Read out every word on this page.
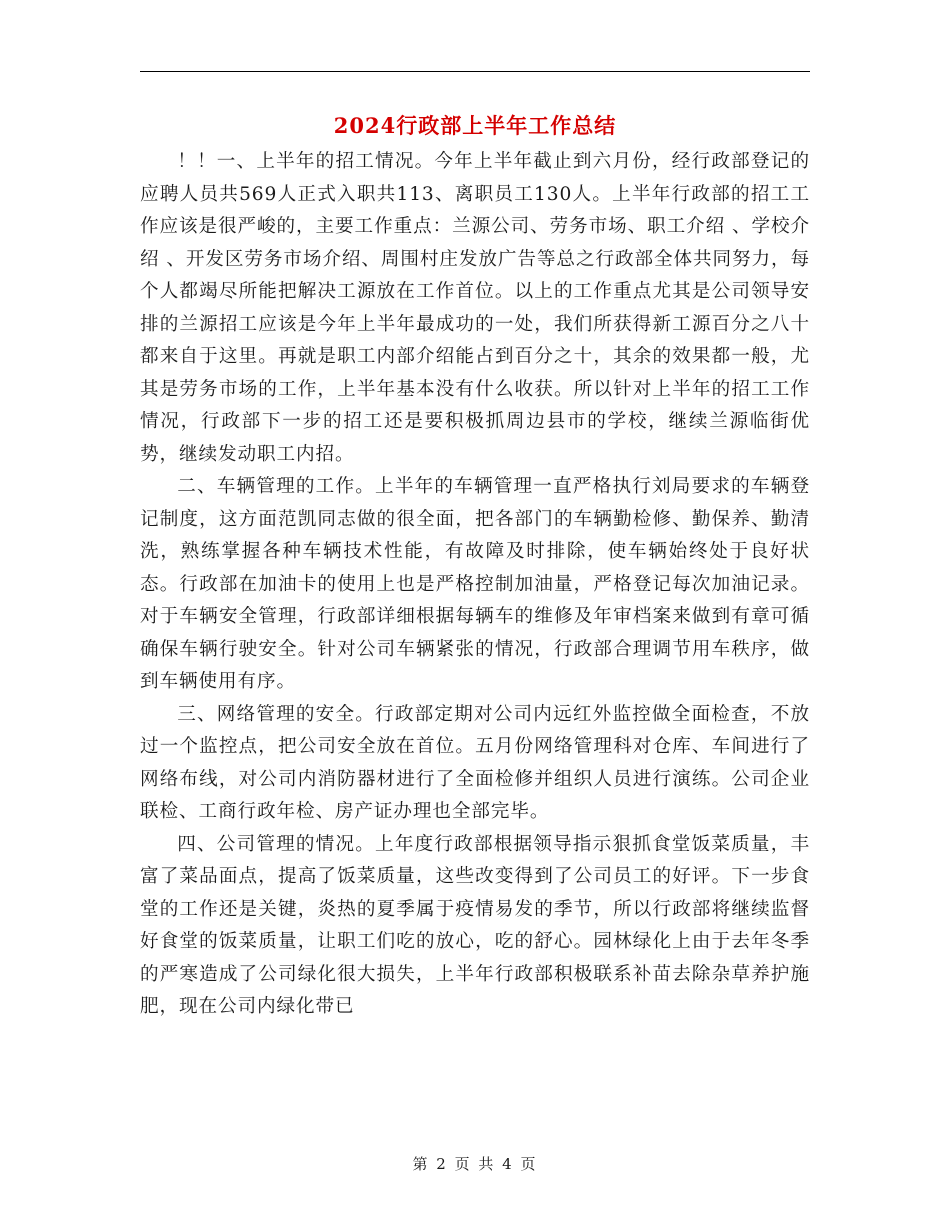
2024行政部上半年工作总结

！！一、上半年的招工情况。今年上半年截止到六月份，经行政部登记的应聘人员共569人正式入职共113、离职员工130人。上半年行政部的招工工作应该是很严峻的，主要工作重点：兰源公司、劳务市场、职工介绍 、学校介绍 、开发区劳务市场介绍、周围村庄发放广告等总之行政部全体共同努力，每个人都竭尽所能把解决工源放在工作首位。以上的工作重点尤其是公司领导安排的兰源招工应该是今年上半年最成功的一处，我们所获得新工源百分之八十都来自于这里。再就是职工内部介绍能占到百分之十，其余的效果都一般，尤其是劳务市场的工作，上半年基本没有什么收获。所以针对上半年的招工工作情况，行政部下一步的招工还是要积极抓周边县市的学校，继续兰源临街优势，继续发动职工内招。

二、车辆管理的工作。上半年的车辆管理一直严格执行刘局要求的车辆登记制度，这方面范凯同志做的很全面，把各部门的车辆勤检修、勤保养、勤清洗，熟练掌握各种车辆技术性能，有故障及时排除，使车辆始终处于良好状态。行政部在加油卡的使用上也是严格控制加油量，严格登记每次加油记录。对于车辆安全管理，行政部详细根据每辆车的维修及年审档案来做到有章可循确保车辆行驶安全。针对公司车辆紧张的情况，行政部合理调节用车秩序，做到车辆使用有序。

三、网络管理的安全。行政部定期对公司内远红外监控做全面检查，不放过一个监控点，把公司安全放在首位。五月份网络管理科对仓库、车间进行了网络布线，对公司内消防器材进行了全面检修并组织人员进行演练。公司企业联检、工商行政年检、房产证办理也全部完毕。

四、公司管理的情况。上年度行政部根据领导指示狠抓食堂饭菜质量，丰富了菜品面点，提高了饭菜质量，这些改变得到了公司员工的好评。下一步食堂的工作还是关键，炎热的夏季属于疫情易发的季节，所以行政部将继续监督好食堂的饭菜质量，让职工们吃的放心，吃的舒心。园林绿化上由于去年冬季的严寒造成了公司绿化很大损失，上半年行政部积极联系补苗去除杂草养护施肥，现在公司内绿化带已

第 2 页 共 4 页
